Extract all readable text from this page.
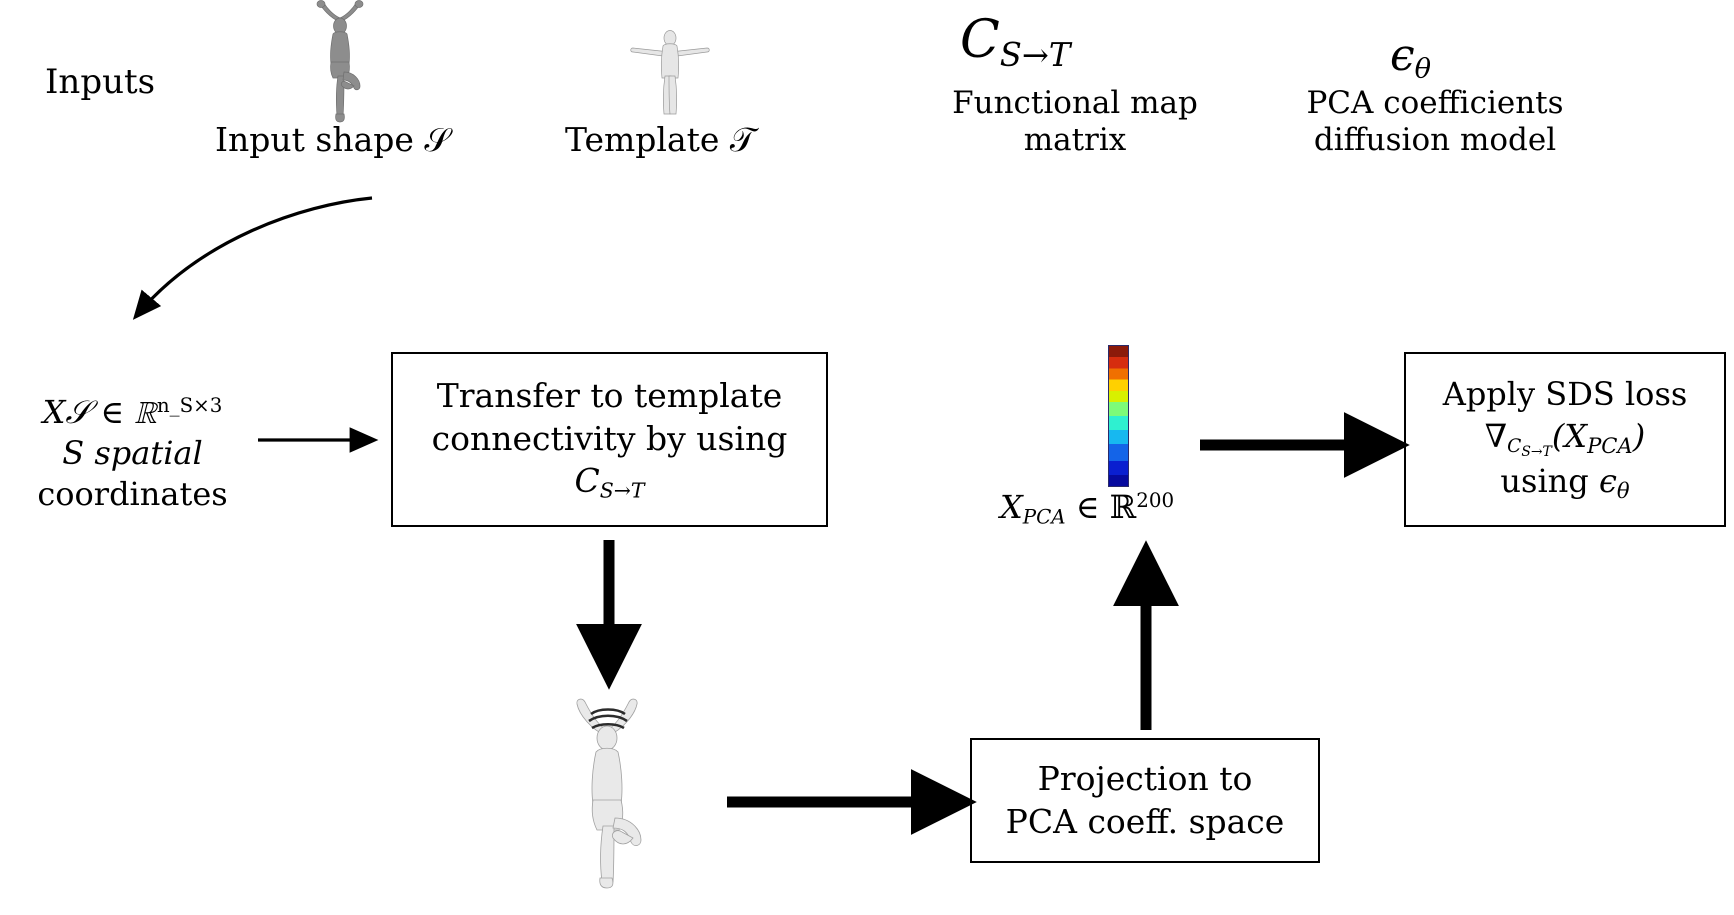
Inputs
Input shape 𝒮	Template 𝒯
$C_{S\to T}$
Functional map
matrix
$\epsilon_\theta$
PCA coefficients
diffusion model
X𝒮 ∈ ℝ$^{n\_S\times 3}$
S spatial
coordinates
Transfer to template
connectivity by using
$C_{S\to T}$
Projection to
PCA coeff. space
Apply SDS loss
$\nabla_{C_{S\to T}}(X_{PCA})$
using $\epsilon_\theta$
$X_{PCA}$ ∈ ℝ$^{200}$
